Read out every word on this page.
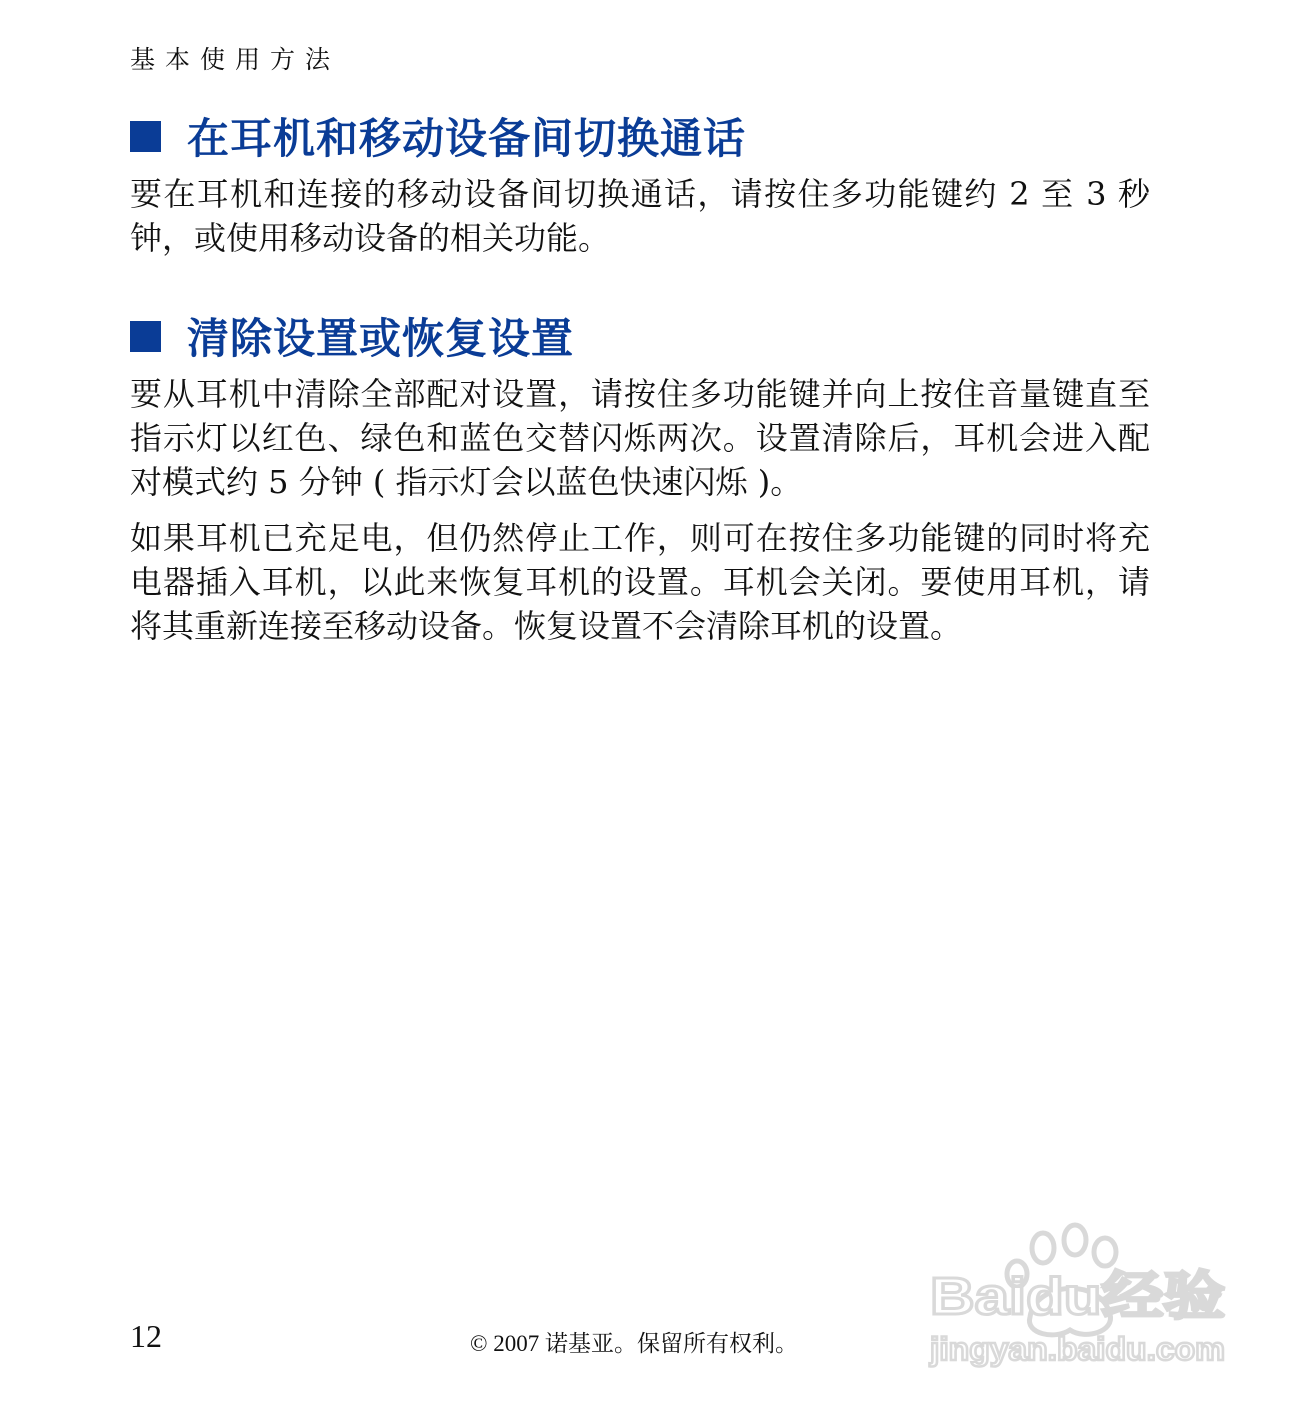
基本使用方法
在耳机和移动设备间切换通话

要在耳机和连接的移动设备间切换通话，请按住多功能键约 2 至 3 秒钟，或使用移动设备的相关功能。

清除设置或恢复设置

要从耳机中清除全部配对设置，请按住多功能键并向上按住音量键直至指示灯以红色、绿色和蓝色交替闪烁两次。设置清除后，耳机会进入配对模式约 5 分钟 ( 指示灯会以蓝色快速闪烁 )。

如果耳机已充足电，但仍然停止工作，则可在按住多功能键的同时将充电器插入耳机，以此来恢复耳机的设置。耳机会关闭。要使用耳机，请将其重新连接至移动设备。恢复设置不会清除耳机的设置。

12	© 2007 诺基亚。保留所有权利。
Baidu经验
jingyan.baidu.com
